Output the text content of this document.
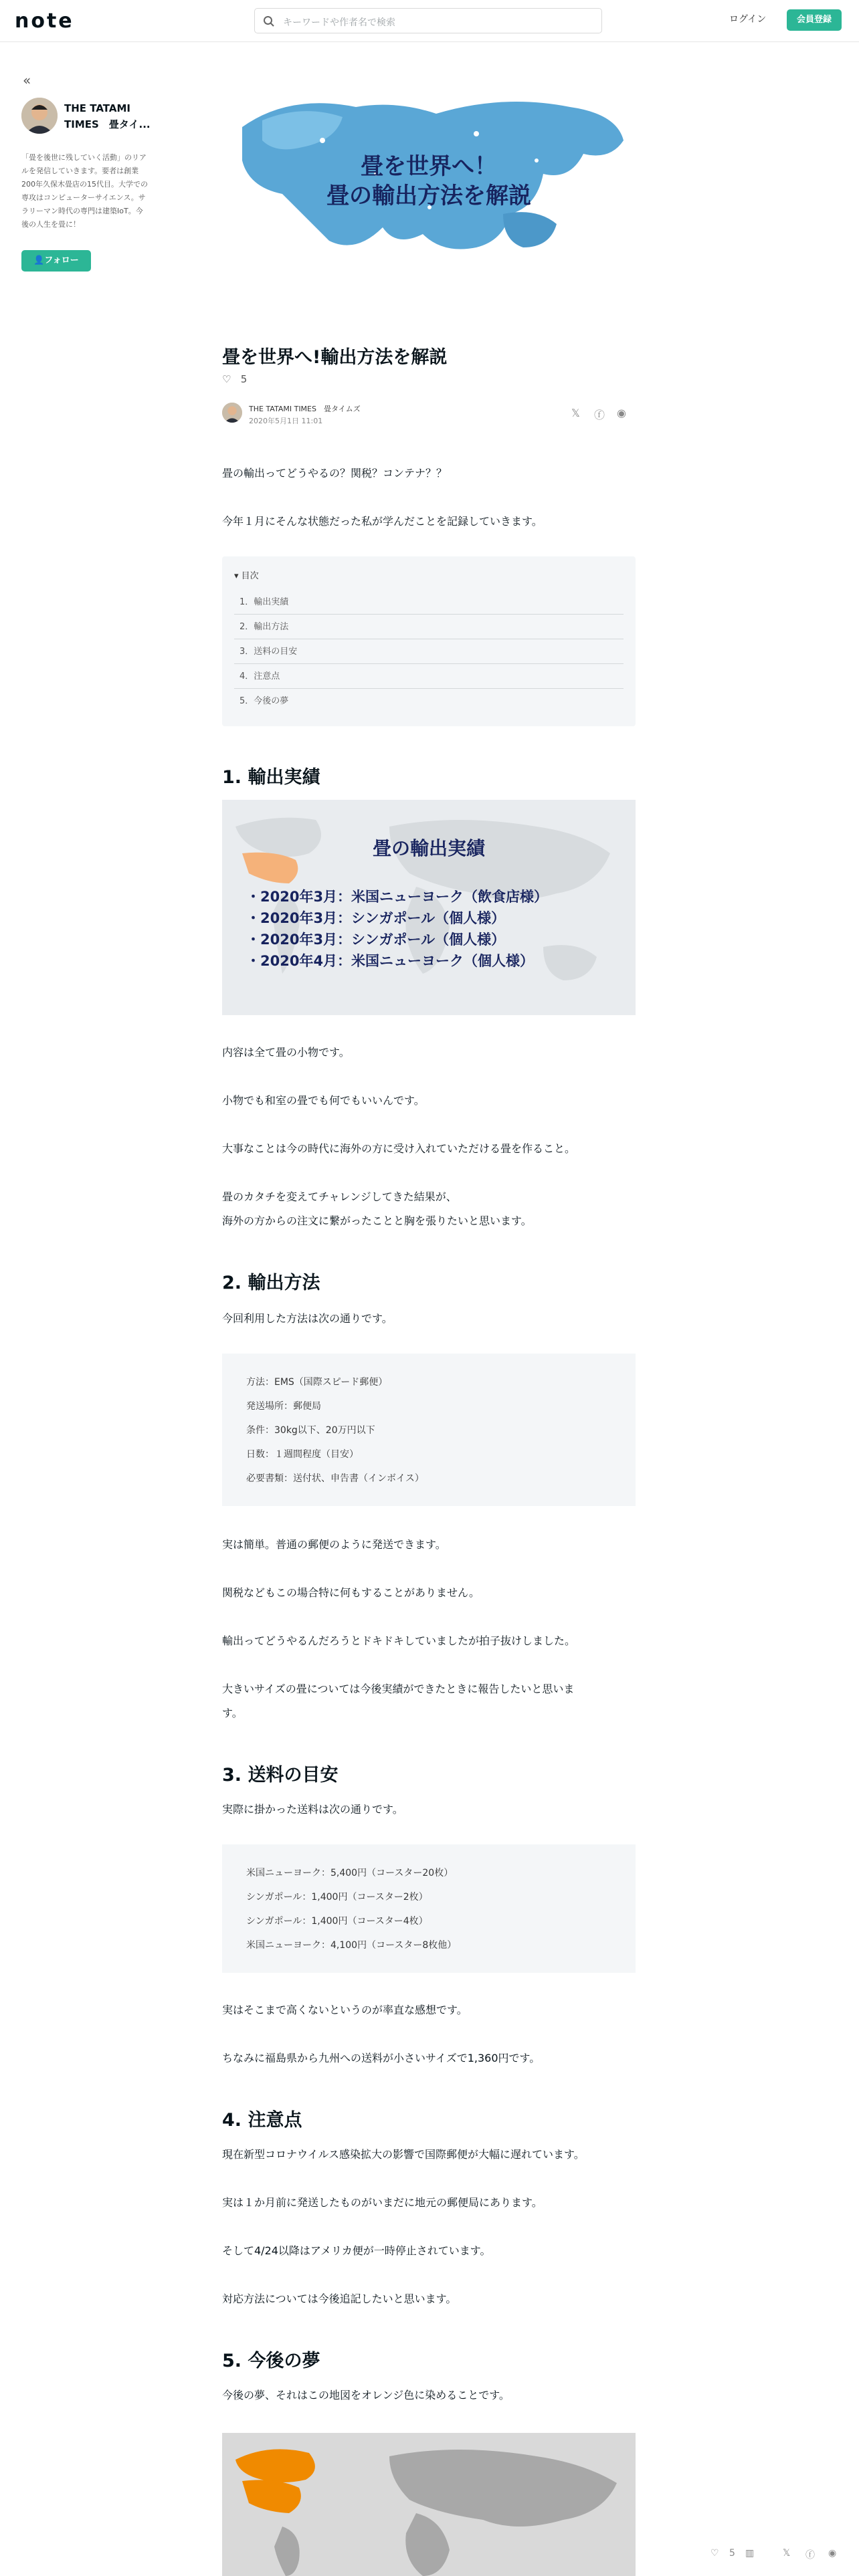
note	キーワードや作者名で検索	ログイン	会員登録
«
THE TATAMI TIMES　畳タイ...
「畳を後世に残していく活動」のリアルを発信していきます。要者は創業200年久保木畳店の15代目。大学での専攻はコンピューターサイエンス。サラリーマン時代の専門は建築IoT。今後の人生を畳に！
👤フォロー
畳を世界へ！
畳の輸出方法を解説
畳を世界へ!輸出方法を解説
♡ 5
THE TATAMI TIMES　畳タイムズ
2020年5月1日 11:01
𝕏 ⓕ ◉
畳の輸出ってどうやるの？関税？コンテナ？？
今年１月にそんな状態だった私が学んだことを記録していきます。
▾ 目次
1．輸出実績
2．輸出方法
3．送料の目安
4．注意点
5．今後の夢
1. 輸出実績
畳の輸出実績
・2020年3月：米国ニューヨーク（飲食店様）
・2020年3月：シンガポール（個人様）
・2020年3月：シンガポール（個人様）
・2020年4月：米国ニューヨーク（個人様）
内容は全て畳の小物です。
小物でも和室の畳でも何でもいいんです。
大事なことは今の時代に海外の方に受け入れていただける畳を作ること。
畳のカタチを変えてチャレンジしてきた結果が、
海外の方からの注文に繋がったことと胸を張りたいと思います。
2. 輸出方法
今回利用した方法は次の通りです。
方法：EMS（国際スピード郵便）
発送場所：郵便局
条件：30kg以下、20万円以下
日数：１週間程度（目安）
必要書類：送付状、申告書（インボイス）
実は簡単。普通の郵便のように発送できます。
関税などもこの場合特に何もすることがありません。
輸出ってどうやるんだろうとドキドキしていましたが拍子抜けしました。
大きいサイズの畳については今後実績ができたときに報告したいと思いま
す。
3. 送料の目安
実際に掛かった送料は次の通りです。
米国ニューヨーク：5,400円（コースター20枚）
シンガポール：1,400円（コースター2枚）
シンガポール：1,400円（コースター4枚）
米国ニューヨーク：4,100円（コースター8枚他）
実はそこまで高くないというのが率直な感想です。
ちなみに福島県から九州への送料が小さいサイズで1,360円です。
4. 注意点
現在新型コロナウイルス感染拡大の影響で国際郵便が大幅に遅れています。
実は１か月前に発送したものがいまだに地元の郵便局にあります。
そして4/24以降はアメリカ便が一時停止されています。
対応方法については今後追記したいと思います。
5. 今後の夢
今後の夢、それはこの地図をオレンジ色に染めることです。
♡ 5 ▥	𝕏 ⓕ ◉
